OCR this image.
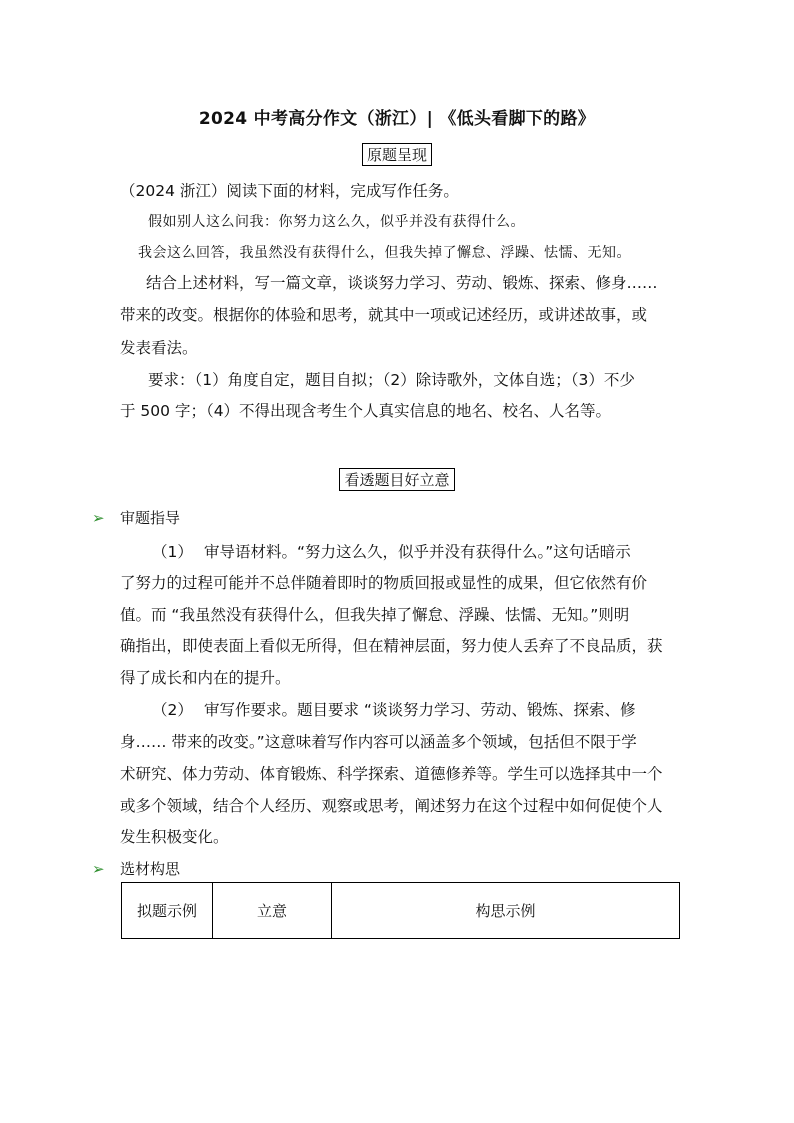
2024 中考高分作文（浙江）| 《低头看脚下的路》
原题呈现
（2024 浙江）阅读下面的材料，完成写作任务。
假如别人这么问我：你努力这么久，似乎并没有获得什么。
我会这么回答，我虽然没有获得什么，但我失掉了懈怠、浮躁、怯懦、无知。
结合上述材料，写一篇文章，谈谈努力学习、劳动、锻炼、探索、修身……
带来的改变。根据你的体验和思考，就其中一项或记述经历，或讲述故事，或
发表看法。
要求：（1）角度自定，题目自拟；（2）除诗歌外，文体自选；（3）不少
于 500 字；（4）不得出现含考生个人真实信息的地名、校名、人名等。
看透题目好立意
➢ 审题指导
（1） 审导语材料。“努力这么久，似乎并没有获得什么。”这句话暗示
了努力的过程可能并不总伴随着即时的物质回报或显性的成果，但它依然有价
值。而 “我虽然没有获得什么，但我失掉了懈怠、浮躁、怯懦、无知。”则明
确指出，即使表面上看似无所得，但在精神层面，努力使人丢弃了不良品质，获
得了成长和内在的提升。
（2） 审写作要求。题目要求 “谈谈努力学习、劳动、锻炼、探索、修
身…… 带来的改变。”这意味着写作内容可以涵盖多个领域，包括但不限于学
术研究、体力劳动、体育锻炼、科学探索、道德修养等。学生可以选择其中一个
或多个领域，结合个人经历、观察或思考，阐述努力在这个过程中如何促使个人
发生积极变化。
➢ 选材构思
拟题示例	立意	构思示例
